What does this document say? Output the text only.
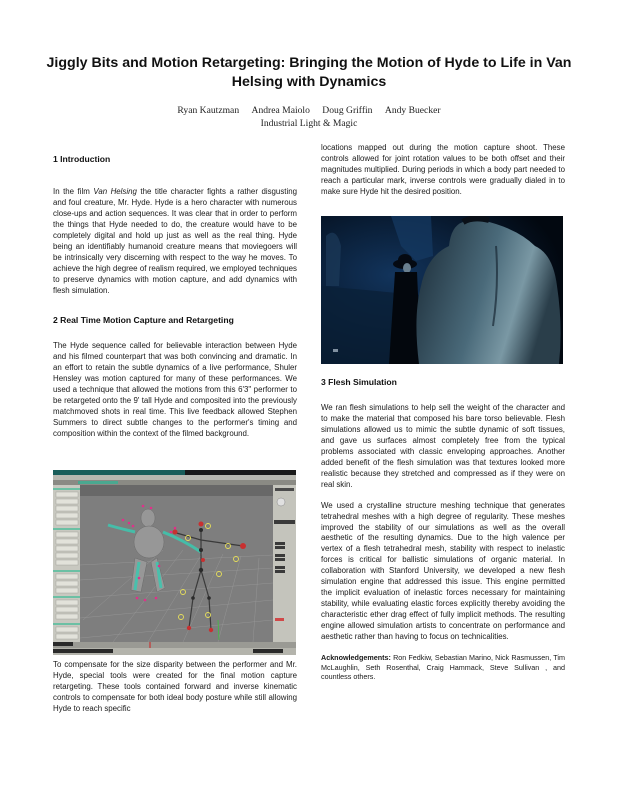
Jiggly Bits and Motion Retargeting: Bringing the Motion of Hyde to Life in Van Helsing with Dynamics
Ryan Kautzman Andrea Maiolo Doug Griffin Andy Buecker
Industrial Light & Magic
1 Introduction

In the film Van Helsing the title character fights a rather disgusting and foul creature, Mr. Hyde. Hyde is a hero character with numerous close-ups and action sequences. It was clear that in order to perform the things that Hyde needed to do, the creature would have to be completely digital and hold up just as well as the real thing. Hyde being an identifiably humanoid creature means that moviegoers will be intrinsically very discerning with respect to the way he moves. To achieve the high degree of realism required, we employed techniques to preserve dynamics with motion capture, and add dynamics with flesh simulation.

2 Real Time Motion Capture and Retargeting

The Hyde sequence called for believable interaction between Hyde and his filmed counterpart that was both convincing and dramatic. In an effort to retain the subtle dynamics of a live performance, Shuler Hensley was motion captured for many of these performances. We used a technique that allowed the motions from this 6'3" performer to be retargeted onto the 9' tall Hyde and composited into the previously matchmoved shots in real time. This live feedback allowed Stephen Summers to direct subtle changes to the performer's timing and composition within the context of the filmed background.

To compensate for the size disparity between the performer and Mr. Hyde, special tools were created for the final motion capture retargeting. These tools contained forward and inverse kinematic controls to compensate for both ideal body posture while still allowing Hyde to reach specific

locations mapped out during the motion capture shoot. These controls allowed for joint rotation values to be both offset and their magnitudes multiplied. During periods in which a body part needed to reach a particular mark, inverse controls were gradually dialed in to make sure Hyde hit the desired position.

3 Flesh Simulation

We ran flesh simulations to help sell the weight of the character and to make the material that composed his bare torso believable. Flesh simulations allowed us to mimic the subtle dynamic of soft tissues, and gave us surfaces almost completely free from the typical problems associated with classic enveloping approaches. Another added benefit of the flesh simulation was that textures looked more realistic because they stretched and compressed as if they were on real skin.

We used a crystalline structure meshing technique that generates tetrahedral meshes with a high degree of regularity. These meshes improved the stability of our simulations as well as the overall aesthetic of the resulting dynamics. Due to the high valence per vertex of a flesh tetrahedral mesh, stability with respect to inelastic forces is critical for ballistic simulations of organic material. In collaboration with Stanford University, we developed a new flesh simulation engine that addressed this issue. This engine permitted the implicit evaluation of inelastic forces necessary for maintaining stability, while evaluating elastic forces explicitly thereby avoiding the characteristic ether drag effect of fully implicit methods. The resulting engine allowed simulation artists to concentrate on performance and aesthetic rather than having to focus on technicalities.

Acknowledgements: Ron Fedkiw, Sebastian Marino, Nick Rasmussen, Tim McLaughlin, Seth Rosenthal, Craig Hammack, Steve Sullivan , and countless others.
